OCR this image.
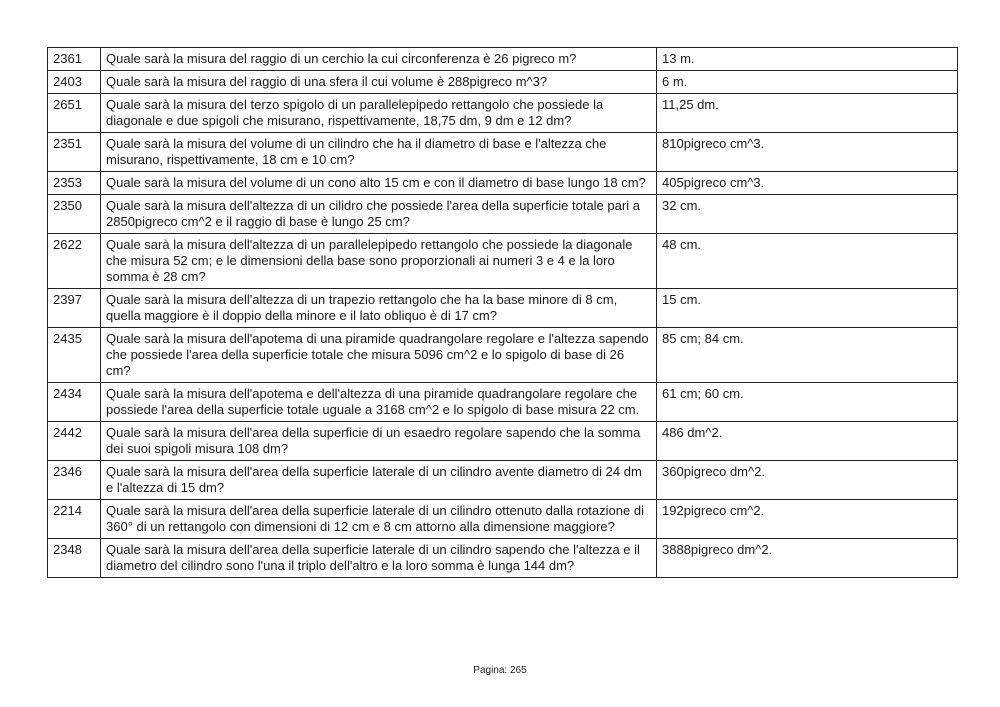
2361	Quale sarà la misura del raggio di un cerchio la cui circonferenza è 26 pigreco m?	13 m.
2403	Quale sarà la misura del raggio di una sfera il cui volume è 288pigreco m^3?	6 m.
2651	Quale sarà la misura del terzo spigolo di un parallelepipedo rettangolo che possiede la diagonale e due spigoli che misurano, rispettivamente, 18,75 dm, 9 dm e 12 dm?	11,25 dm.
2351	Quale sarà la misura del volume di un cilindro che ha il diametro di base e l'altezza che misurano, rispettivamente, 18 cm e 10 cm?	810pigreco cm^3.
2353	Quale sarà la misura del volume di un cono alto 15 cm e con il diametro di base lungo 18 cm?	405pigreco cm^3.
2350	Quale sarà la misura dell'altezza di un cilidro che possiede l'area della superficie totale pari a 2850pigreco cm^2 e il raggio di base è lungo 25 cm?	32 cm.
2622	Quale sarà la misura dell'altezza di un parallelepipedo rettangolo che possiede la diagonale che misura 52 cm; e le dimensioni della base sono proporzionali ai numeri 3 e 4 e la loro somma è 28 cm?	48 cm.
2397	Quale sarà la misura dell'altezza di un trapezio rettangolo che ha la base minore di 8 cm, quella maggiore è il doppio della minore e il lato obliquo è di 17 cm?	15 cm.
2435	Quale sarà la misura dell'apotema di una piramide quadrangolare regolare e l'altezza sapendo che possiede l'area della superficie totale che misura 5096 cm^2 e lo spigolo di base di 26 cm?	85 cm; 84 cm.
2434	Quale sarà la misura dell'apotema e dell'altezza di una piramide quadrangolare regolare che possiede l'area della superficie totale uguale a 3168 cm^2 e lo spigolo di base misura 22 cm.	61 cm; 60 cm.
2442	Quale sarà la misura dell'area della superficie di un esaedro regolare sapendo che la somma dei suoi spigoli misura 108 dm?	486 dm^2.
2346	Quale sarà la misura dell'area della superficie laterale di un cilindro avente diametro di 24 dm e l'altezza di 15 dm?	360pigreco dm^2.
2214	Quale sarà la misura dell'area della superficie laterale di un cilindro ottenuto dalla rotazione di 360° di un rettangolo con dimensioni di 12 cm e 8 cm attorno alla dimensione maggiore?	192pigreco cm^2.
2348	Quale sarà la misura dell'area della superficie laterale di un cilindro sapendo che l'altezza e il diametro del cilindro sono l'una il triplo dell'altro e la loro somma è lunga 144 dm?	3888pigreco dm^2.
Pagina: 265
